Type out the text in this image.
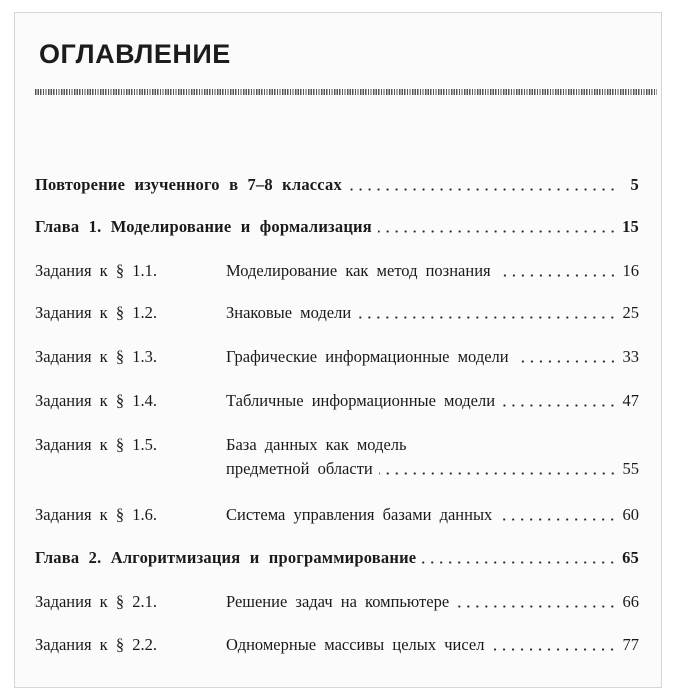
ОГЛАВЛЕНИЕ
Повторение изученного в 7–8 классах	5
Глава 1. Моделирование и формализация	15
Задания к § 1.1.	Моделирование как метод познания	16
Задания к § 1.2.	Знаковые модели	25
Задания к § 1.3.	Графические информационные модели	33
Задания к § 1.4.	Табличные информационные модели	47
Задания к § 1.5.	База данных как модель
предметной области	55
Задания к § 1.6.	Система управления базами данных	60
Глава 2. Алгоритмизация и программирование	65
Задания к § 2.1.	Решение задач на компьютере	66
Задания к § 2.2.	Одномерные массивы целых чисел	77
